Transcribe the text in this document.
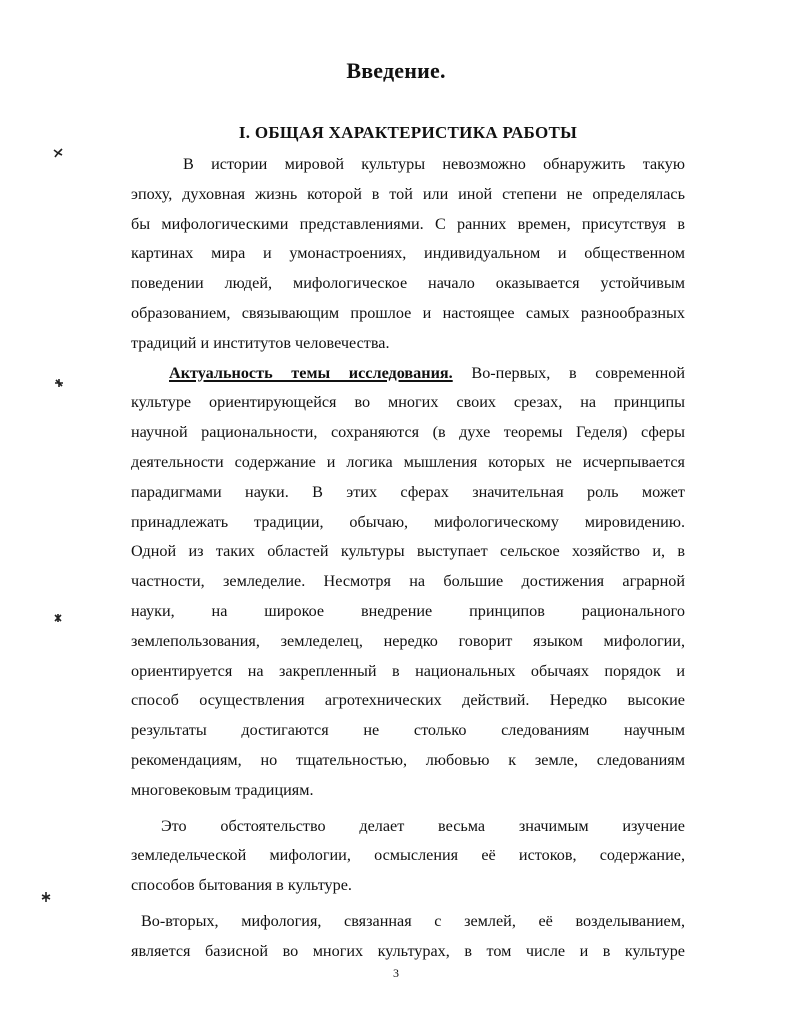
Введение.
I. ОБЩАЯ ХАРАКТЕРИСТИКА РАБОТЫ
В истории мировой культуры невозможно обнаружить такую
эпоху, духовная жизнь которой в той или иной степени не определялась
бы мифологическими представлениями. С ранних времен, присутствуя в
картинах мира и умонастроениях, индивидуальном и общественном
поведении людей, мифологическое начало оказывается устойчивым
образованием, связывающим прошлое и настоящее самых разнообразных
традиций и институтов человечества.
Актуальность темы исследования. Во-первых, в современной
культуре ориентирующейся во многих своих срезах, на принципы
научной рациональности, сохраняются (в духе теоремы Геделя) сферы
деятельности содержание и логика мышления которых не исчерпывается
парадигмами науки. В этих сферах значительная роль может
принадлежать традиции, обычаю, мифологическому мировидению.
Одной из таких областей культуры выступает сельское хозяйство и, в
частности, земледелие. Несмотря на большие достижения аграрной
науки, на широкое внедрение принципов рационального
землепользования, земледелец, нередко говорит языком мифологии,
ориентируется на закрепленный в национальных обычаях порядок и
способ осуществления агротехнических действий. Нередко высокие
результаты достигаются не столько следованиям научным
рекомендациям, но тщательностью, любовью к земле, следованиям
многовековым традициям.
Это обстоятельство делает весьма значимым изучение
земледельческой мифологии, осмысления её истоков, содержание,
способов бытования в культуре.
Во-вторых, мифология, связанная с землей, её возделыванием,
является базисной во многих культурах, в том числе и в культуре
3
